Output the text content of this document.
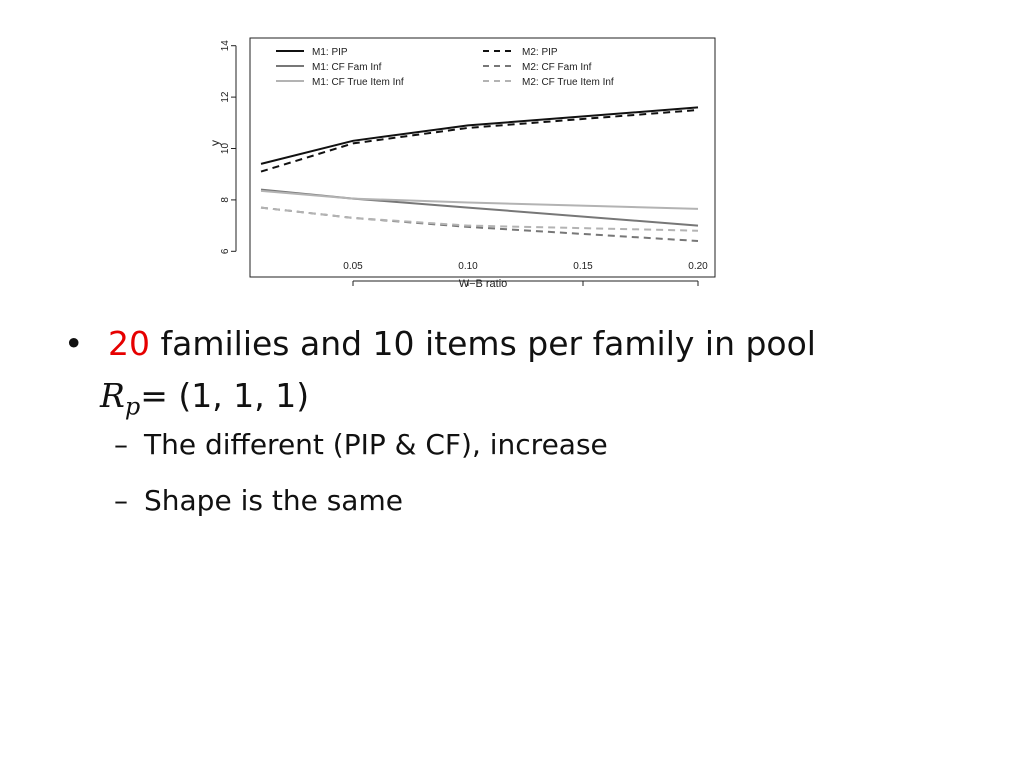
6
8
10
12
14
0.05	0.10	0.15	0.20
M1: PIP
M1: CF Fam Inf
M1: CF True Item Inf
M2: PIP
M2: CF Fam Inf
M2: CF True Item Inf
W−B ratio
y
• 20 families and 10 items per family in pool
$R_p= (1$, 1, 1)
– The different (PIP & CF), increase
– Shape is the same
